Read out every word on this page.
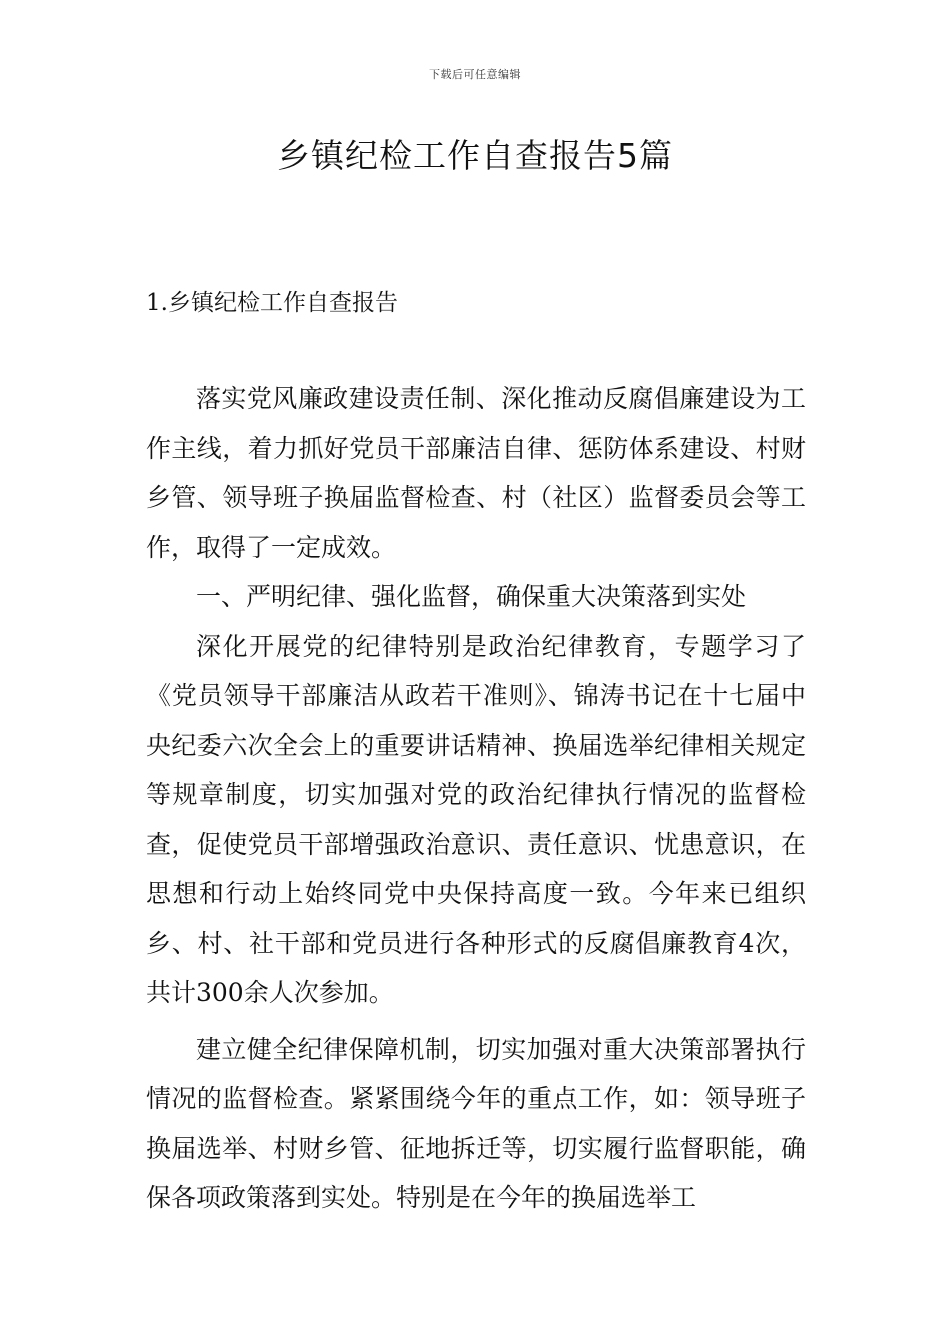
下载后可任意编辑
乡镇纪检工作自查报告5篇
1.乡镇纪检工作自查报告

落实党风廉政建设责任制、深化推动反腐倡廉建设为工作主线，着力抓好党员干部廉洁自律、惩防体系建设、村财乡管、领导班子换届监督检查、村（社区）监督委员会等工作，取得了一定成效。

一、严明纪律、强化监督，确保重大决策落到实处

深化开展党的纪律特别是政治纪律教育，专题学习了《党员领导干部廉洁从政若干准则》、锦涛书记在十七届中央纪委六次全会上的重要讲话精神、换届选举纪律相关规定等规章制度，切实加强对党的政治纪律执行情况的监督检查，促使党员干部增强政治意识、责任意识、忧患意识，在思想和行动上始终同党中央保持高度一致。今年来已组织乡、村、社干部和党员进行各种形式的反腐倡廉教育4次，共计300余人次参加。

建立健全纪律保障机制，切实加强对重大决策部署执行情况的监督检查。紧紧围绕今年的重点工作，如：领导班子换届选举、村财乡管、征地拆迁等，切实履行监督职能，确保各项政策落到实处。特别是在今年的换届选举工
